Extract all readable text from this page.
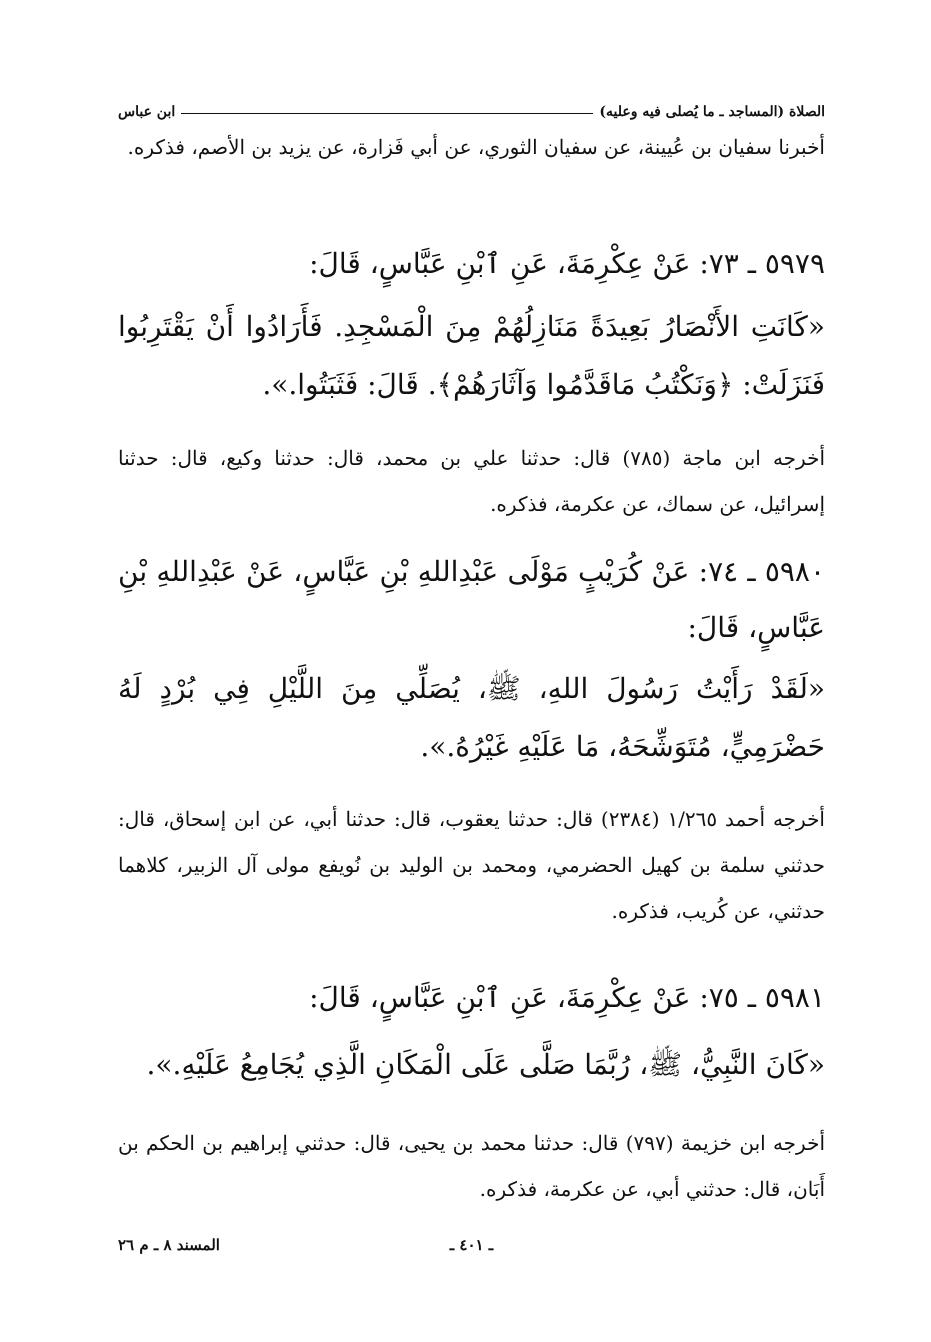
الصلاة (المساجد ـ ما يُصلى فيه وعليه)
ابن عباس

أخبرنا سفيان بن عُيينة، عن سفيان الثوري، عن أبي فَزارة، عن يزيد بن الأصم، فذكره.

٥٩٧٩ ـ ٧٣: عَنْ عِكْرِمَةَ، عَنِ ٱبْنِ عَبَّاسٍ، قَالَ:

«كَانَتِ الأَنْصَارُ بَعِيدَةً مَنَازِلُهُمْ مِنَ الْمَسْجِدِ. فَأَرَادُوا أَنْ يَقْتَرِبُوا فَنَزَلَتْ: ﴿وَنَكْتُبُ مَاقَدَّمُوا وَآثَارَهُمْ﴾. قَالَ: فَثَبَتُوا.».

أخرجه ابن ماجة (٧٨٥) قال: حدثنا علي بن محمد، قال: حدثنا وكيع، قال: حدثنا إسرائيل، عن سماك، عن عكرمة، فذكره.

٥٩٨٠ ـ ٧٤: عَنْ كُرَيْبٍ مَوْلَى عَبْدِاللهِ بْنِ عَبَّاسٍ، عَنْ عَبْدِاللهِ بْنِ عَبَّاسٍ، قَالَ:

«لَقَدْ رَأَيْتُ رَسُولَ اللهِ، ﷺ، يُصَلِّي مِنَ اللَّيْلِ فِي بُرْدٍ لَهُ حَضْرَمِيٍّ، مُتَوَشِّحَهُ، مَا عَلَيْهِ غَيْرُهُ.».

أخرجه أحمد ١/٢٦٥ (٢٣٨٤) قال: حدثنا يعقوب، قال: حدثنا أبي، عن ابن إسحاق، قال: حدثني سلمة بن كهيل الحضرمي، ومحمد بن الوليد بن نُويفع مولى آل الزبير، كلاهما حدثني، عن كُريب، فذكره.

٥٩٨١ ـ ٧٥: عَنْ عِكْرِمَةَ، عَنِ ٱبْنِ عَبَّاسٍ، قَالَ:

«كَانَ النَّبِيُّ، ﷺ، رُبَّمَا صَلَّى عَلَى الْمَكَانِ الَّذِي يُجَامِعُ عَلَيْهِ.».

أخرجه ابن خزيمة (٧٩٧) قال: حدثنا محمد بن يحيى، قال: حدثني إبراهيم بن الحكم بن أَبَان، قال: حدثني أبي، عن عكرمة، فذكره.

ـ ٤٠١ ـ
المسند ٨ ـ م ٢٦
